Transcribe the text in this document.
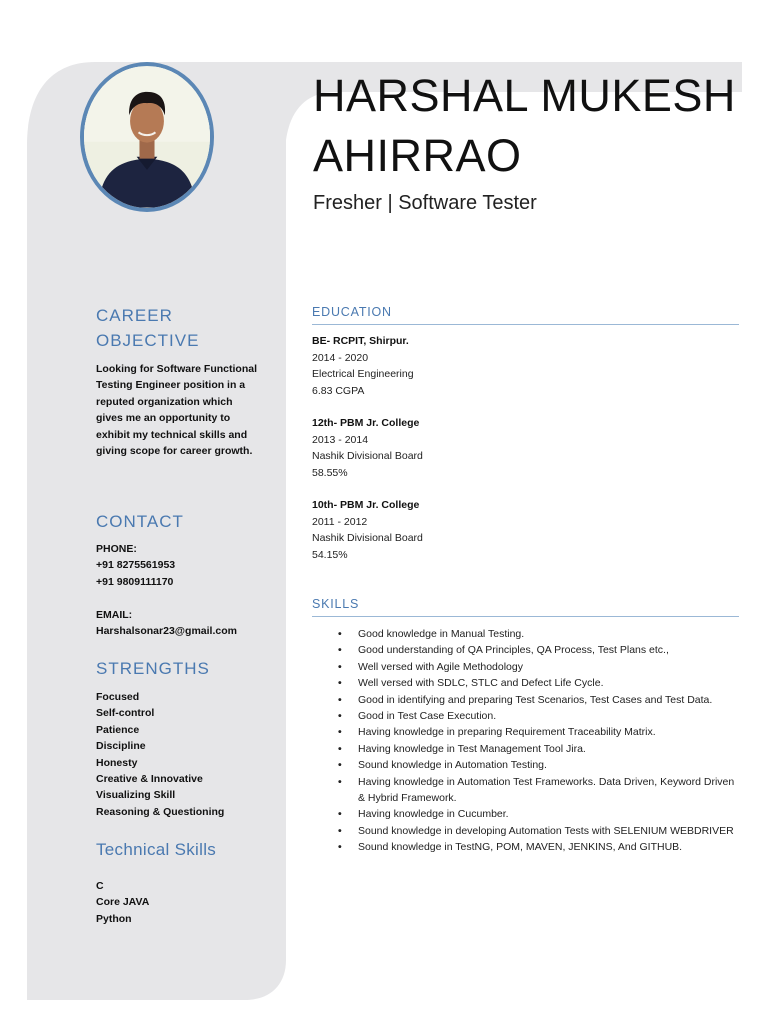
HARSHAL MUKESH
AHIRRAO
Fresher | Software Tester
CAREER
OBJECTIVE

Looking for Software Functional Testing Engineer position in a reputed organization which gives me an opportunity to exhibit my technical skills and giving scope for career growth.

CONTACT
PHONE:
+91 8275561953
+91 9809111170
EMAIL:
Harshalsonar23@gmail.com
STRENGTHS
Focused
Self-control
Patience
Discipline
Honesty
Creative & Innovative
Visualizing Skill
Reasoning & Questioning
Technical Skills
C
Core JAVA
Python
EDUCATION
BE- RCPIT, Shirpur.
2014 - 2020
Electrical Engineering
6.83 CGPA
12th- PBM Jr. College
2013 - 2014
Nashik Divisional Board
58.55%
10th- PBM Jr. College
2011 - 2012
Nashik Divisional Board
54.15%
SKILLS
• Good knowledge in Manual Testing.
• Good understanding of QA Principles, QA Process, Test Plans etc.,
• Well versed with Agile Methodology
• Well versed with SDLC, STLC and Defect Life Cycle.
• Good in identifying and preparing Test Scenarios, Test Cases and Test Data.
• Good in Test Case Execution.
• Having knowledge in preparing Requirement Traceability Matrix.
• Having knowledge in Test Management Tool Jira.
• Sound knowledge in Automation Testing.
• Having knowledge in Automation Test Frameworks. Data Driven, Keyword Driven & Hybrid Framework.
• Having knowledge in Cucumber.
• Sound knowledge in developing Automation Tests with SELENIUM WEBDRIVER
• Sound knowledge in TestNG, POM, MAVEN, JENKINS, And GITHUB.
